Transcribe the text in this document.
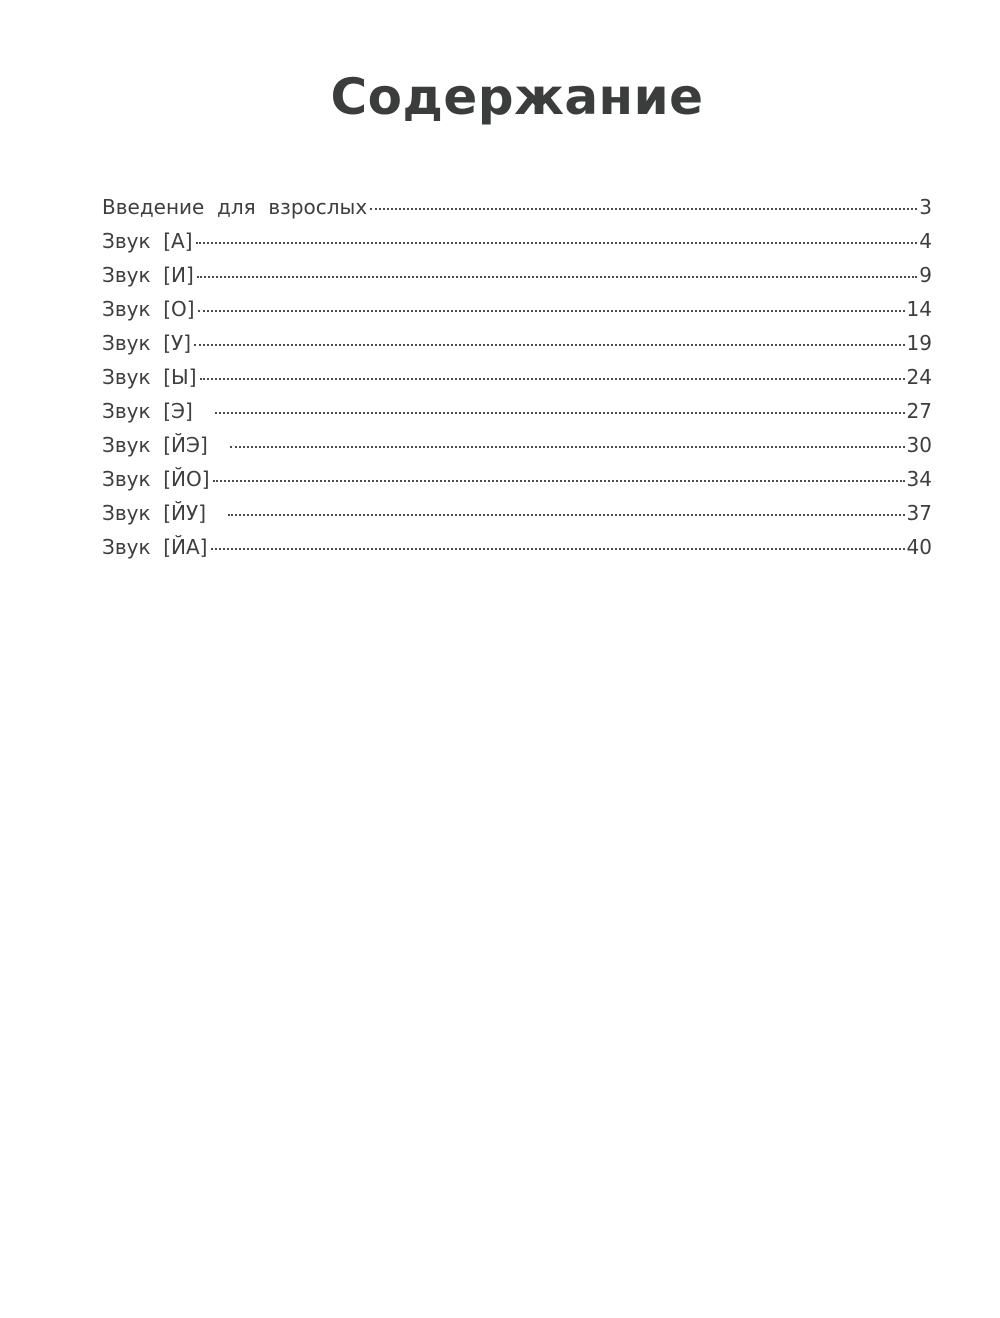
Содержание
Введение  для  взрослых	3
Звук  [А]	4
Звук  [И]	9
Звук  [О]	14
Звук  [У]	19
Звук  [Ы]	24
Звук  [Э]	27
Звук  [ЙЭ]	30
Звук  [ЙО]	34
Звук  [ЙУ]	37
Звук  [ЙА]	40
